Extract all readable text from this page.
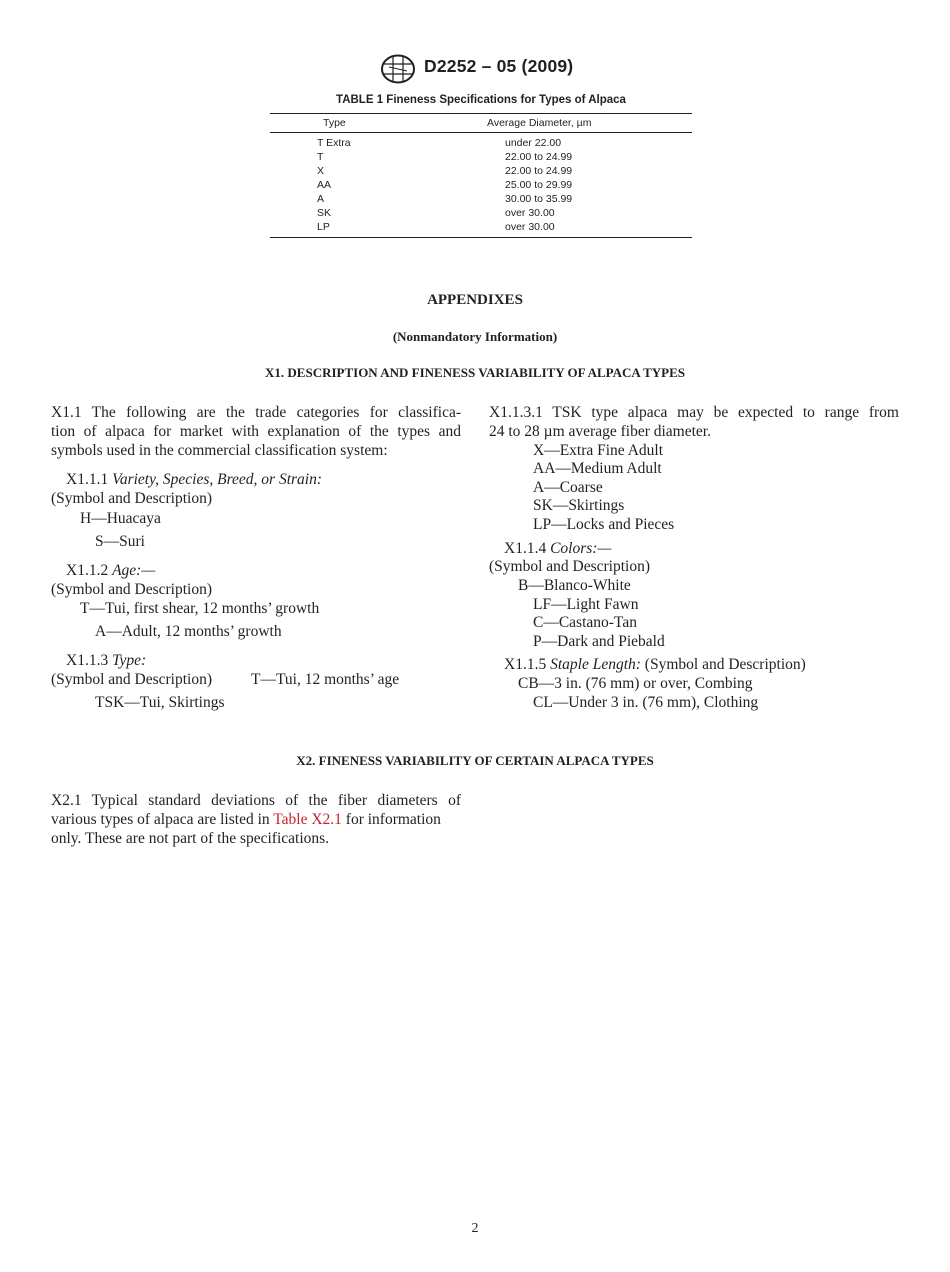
D2252 – 05 (2009)
TABLE 1 Fineness Specifications for Types of Alpaca
Type	Average Diameter, µm
T Extra	under 22.00
T	22.00 to 24.99
X	22.00 to 24.99
AA	25.00 to 29.99
A	30.00 to 35.99
SK	over 30.00
LP	over 30.00
APPENDIXES
(Nonmandatory Information)
X1. DESCRIPTION AND FINENESS VARIABILITY OF ALPACA TYPES
X1.1 The following are the trade categories for classifica-
tion of alpaca for market with explanation of the types and
symbols used in the commercial classification system:
X1.1.1 Variety, Species, Breed, or Strain:
(Symbol and Description)
H—Huacaya
S—Suri
X1.1.2 Age:—
(Symbol and Description)
T—Tui, first shear, 12 months’ growth
A—Adult, 12 months’ growth
X1.1.3 Type:
(Symbol and Description)	T—Tui, 12 months’ age
TSK—Tui, Skirtings
X1.1.3.1 TSK type alpaca may be expected to range from
24 to 28 µm average fiber diameter.
X—Extra Fine Adult
AA—Medium Adult
A—Coarse
SK—Skirtings
LP—Locks and Pieces
X1.1.4 Colors:—
(Symbol and Description)
B—Blanco-White
LF—Light Fawn
C—Castano-Tan
P—Dark and Piebald
X1.1.5 Staple Length: (Symbol and Description)
CB—3 in. (76 mm) or over, Combing
CL—Under 3 in. (76 mm), Clothing
X2. FINENESS VARIABILITY OF CERTAIN ALPACA TYPES
X2.1 Typical standard deviations of the fiber diameters of
various types of alpaca are listed in Table X2.1 for information
only. These are not part of the specifications.
2
